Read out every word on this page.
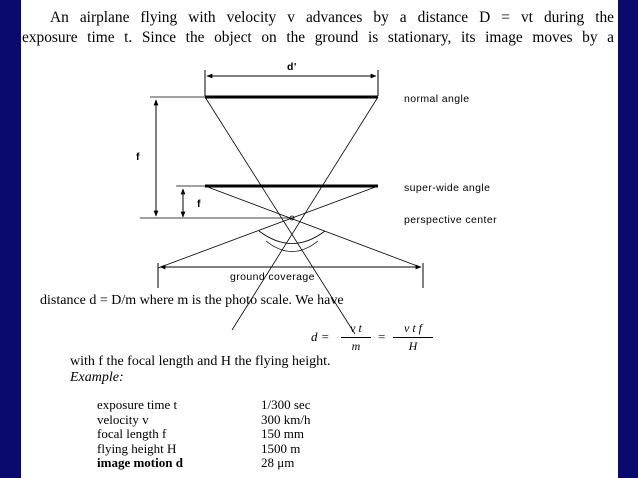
An airplane flying with velocity v advances by a distance D = vt during the
exposure time t. Since the object on the ground is stationary, its image moves by a
d'
normal angle
f
super-wide angle
f
perspective center
ground coverage
distance d = D/m where m is the photo scale. We have
$d = \frac{\text{v t}}{m} = \frac{\text{v t f}}{H}$
with f the focal length and H the flying height.
Example:
exposure time t	1/300 sec
velocity v	300 km/h
focal length f	150 mm
flying height H	1500 m
image motion d	28 μm
